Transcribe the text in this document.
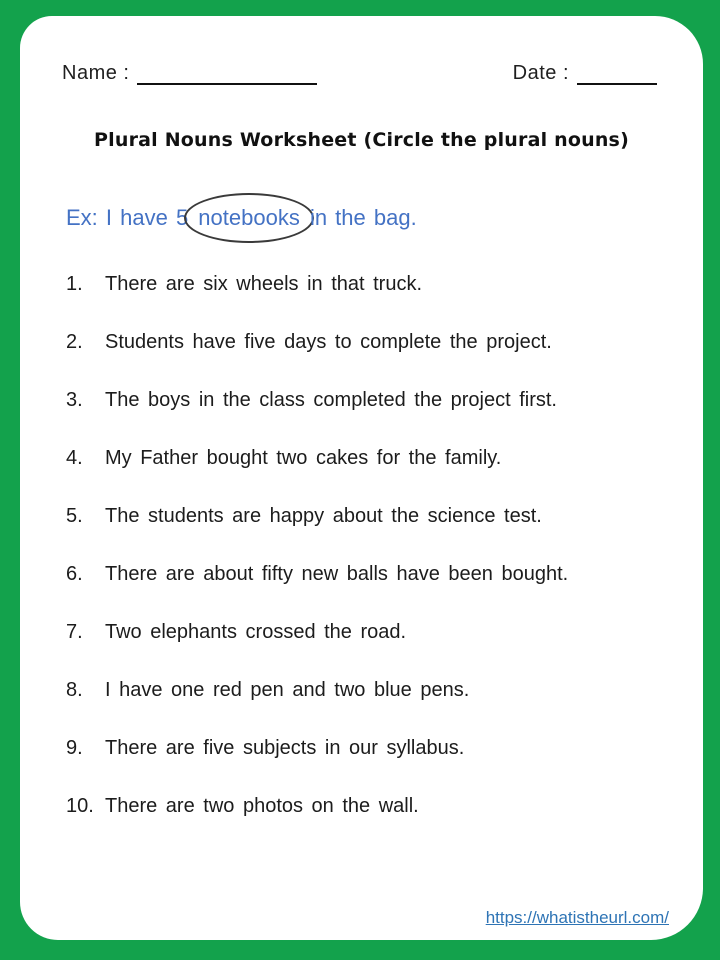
Name :	Date :
Plural Nouns Worksheet (Circle the plural nouns)

Ex: I have 5 notebooks in the bag.

1.	There are six wheels in that truck.
2.	Students have five days to complete the project.
3.	The boys in the class completed the project first.
4.	My Father bought two cakes for the family.
5.	The students are happy about the science test.
6.	There are about fifty new balls have been bought.
7.	Two elephants crossed the road.
8.	I have one red pen and two blue pens.
9.	There are five subjects in our syllabus.
10. There are two photos on the wall.
https://whatistheurl.com/
